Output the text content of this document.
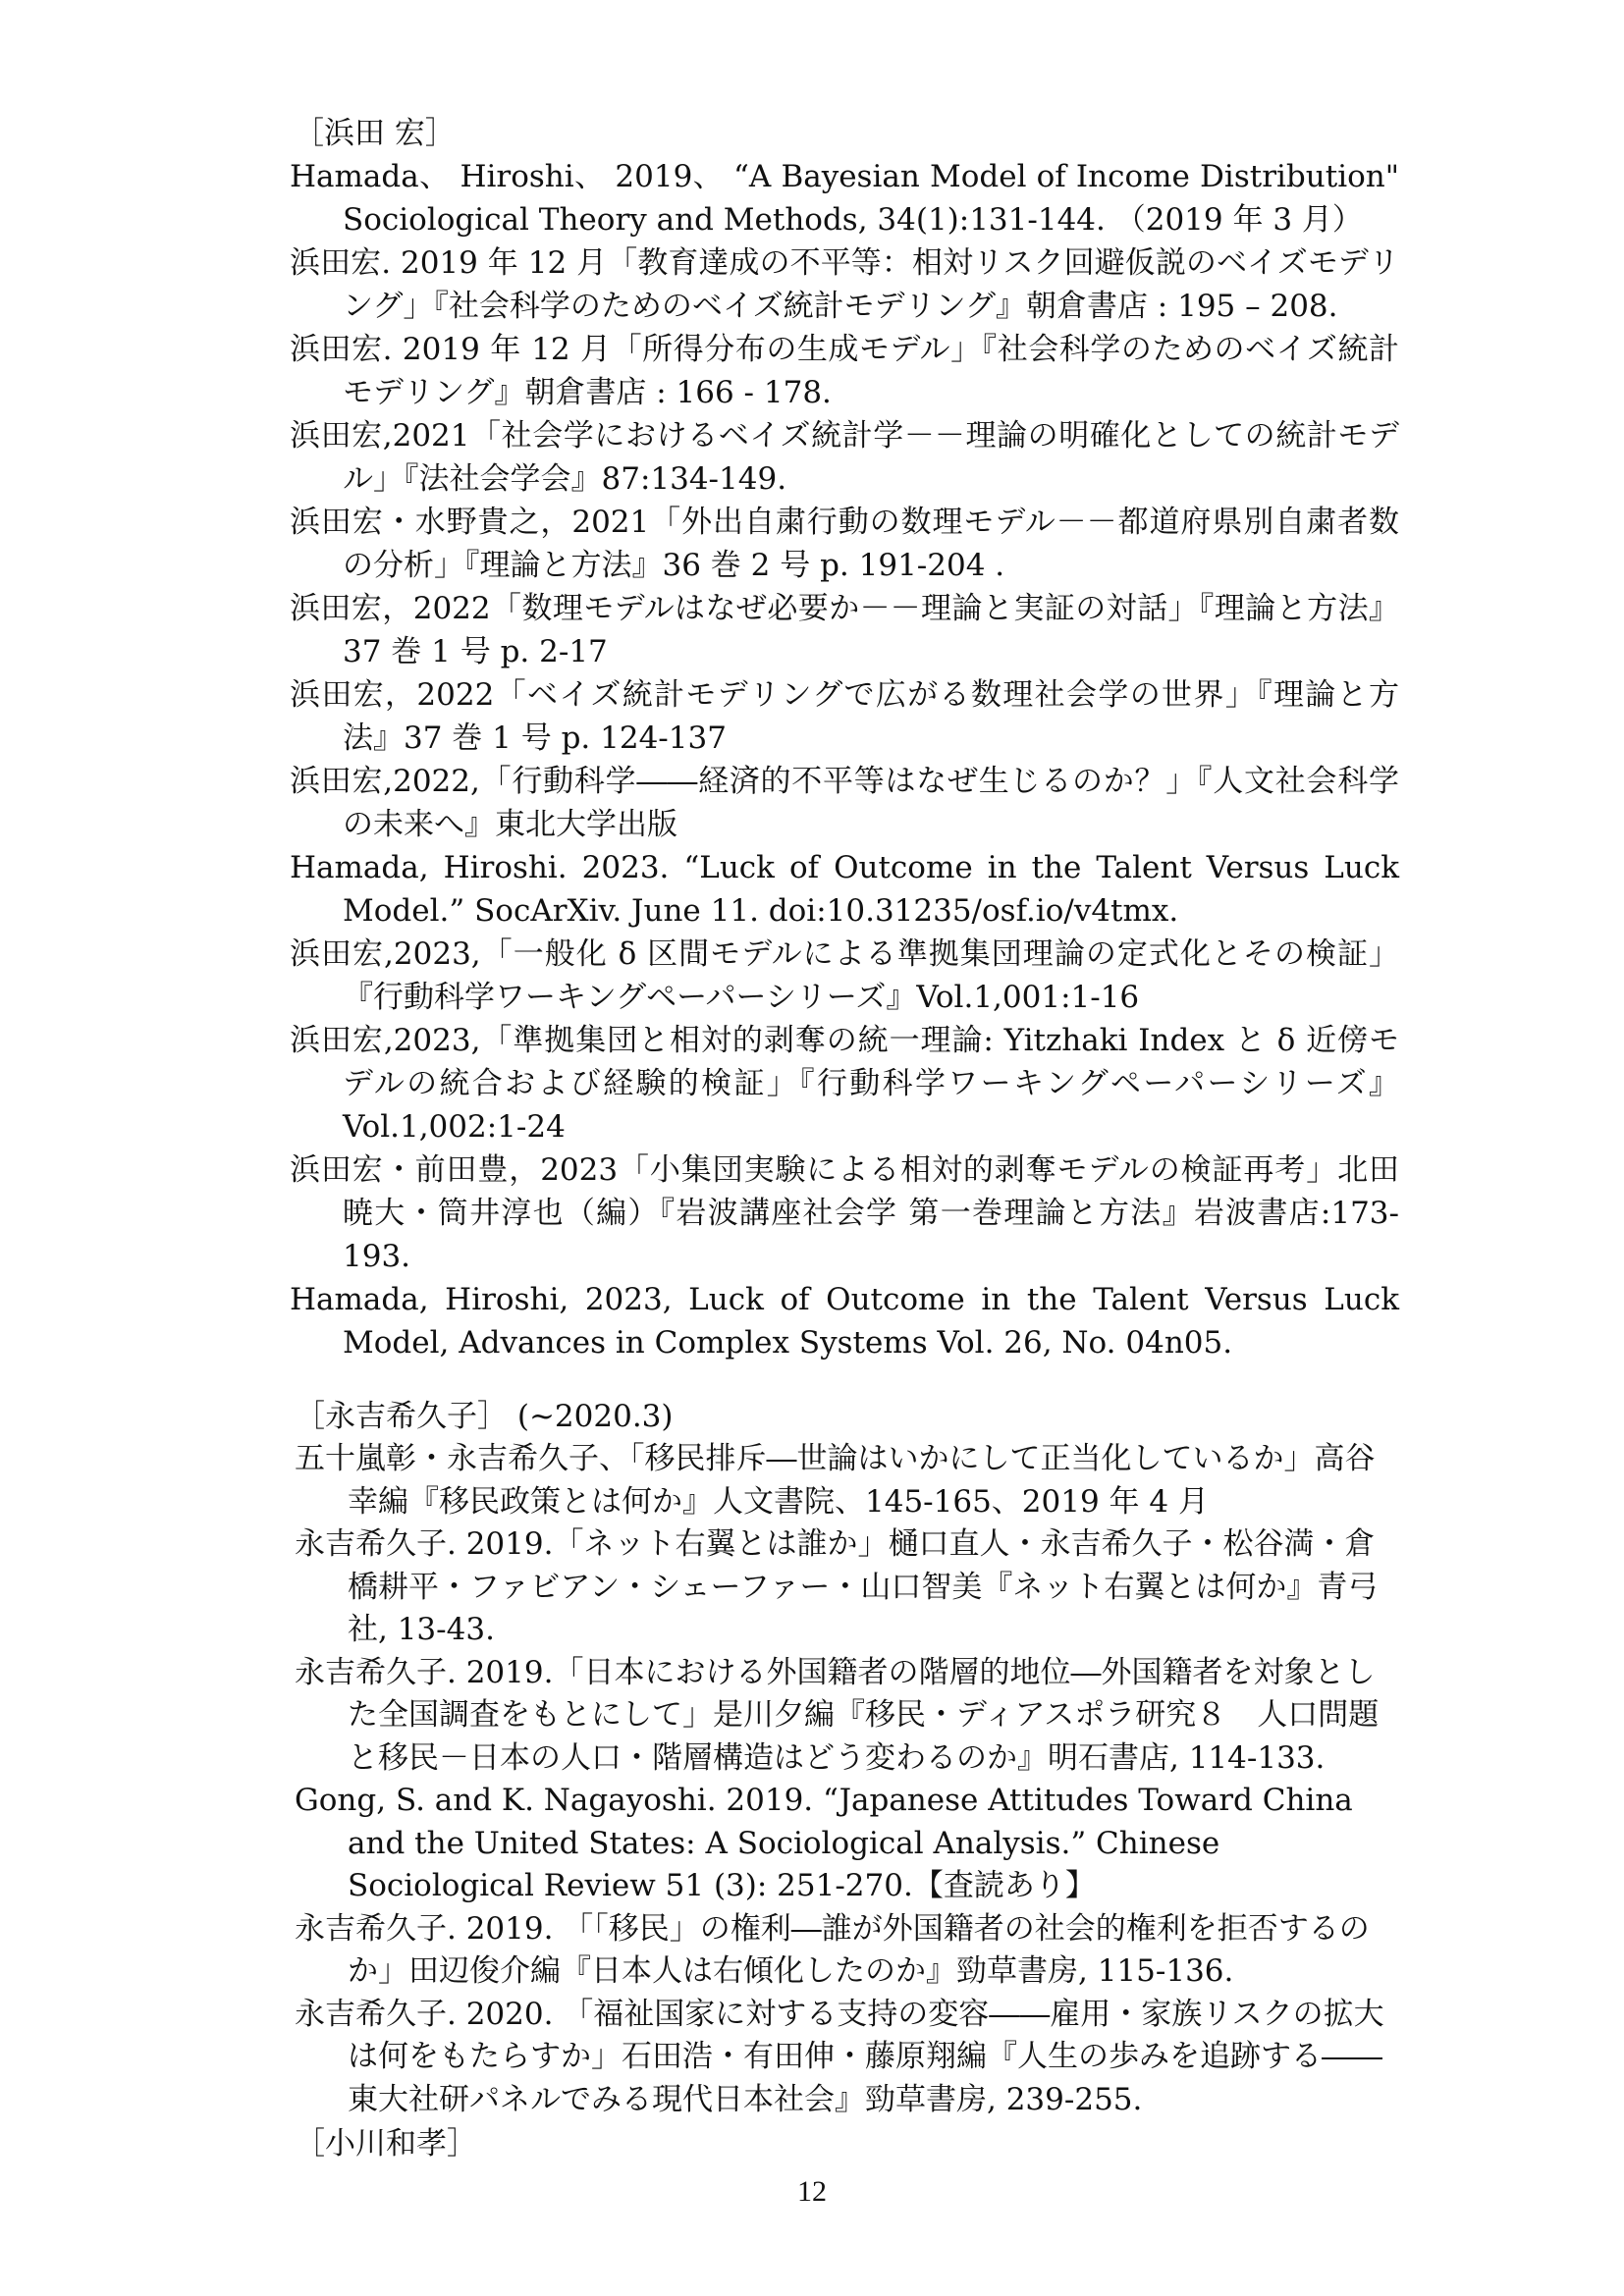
［浜田 宏］
Hamada、 Hiroshi、 2019、 “A Bayesian Model of Income Distribution" Sociological Theory and Methods, 34(1):131-144. （2019 年 3 月）
浜田宏. 2019 年 12 月「教育達成の不平等：相対リスク回避仮説のベイズモデリング」『社会科学のためのベイズ統計モデリング』朝倉書店 : 195 – 208.
浜田宏. 2019 年 12 月「所得分布の生成モデル」『社会科学のためのベイズ統計モデリング』朝倉書店 : 166 - 178.
浜田宏,2021「社会学におけるベイズ統計学－－理論の明確化としての統計モデル」『法社会学会』87:134-149.
浜田宏・水野貴之，2021「外出自粛行動の数理モデル－－都道府県別自粛者数の分析」『理論と方法』36 巻 2 号 p. 191-204 .
浜田宏，2022「数理モデルはなぜ必要か－－理論と実証の対話」『理論と方法』37 巻 1 号 p. 2-17
浜田宏，2022「ベイズ統計モデリングで広がる数理社会学の世界」『理論と方法』37 巻 1 号 p. 124-137
浜田宏,2022,「行動科学――経済的不平等はなぜ生じるのか？」『人文社会科学の未来へ』東北大学出版
Hamada, Hiroshi. 2023. “Luck of Outcome in the Talent Versus Luck Model.” SocArXiv. June 11. doi:10.31235/osf.io/v4tmx.
浜田宏,2023,「一般化 δ 区間モデルによる準拠集団理論の定式化とその検証」『行動科学ワーキングペーパーシリーズ』Vol.1,001:1-16
浜田宏,2023,「準拠集団と相対的剥奪の統一理論: Yitzhaki Index と δ 近傍モデルの統合および経験的検証」『行動科学ワーキングペーパーシリーズ』Vol.1,002:1-24
浜田宏・前田豊，2023「小集団実験による相対的剥奪モデルの検証再考」北田暁大・筒井淳也（編）『岩波講座社会学 第一巻理論と方法』岩波書店:173-193.
Hamada, Hiroshi, 2023, Luck of Outcome in the Talent Versus Luck Model, Advances in Complex Systems Vol. 26, No. 04n05.
［永吉希久子］ (~2020.3)
五十嵐彰・永吉希久子、「移民排斥―世論はいかにして正当化しているか」高谷幸編『移民政策とは何か』人文書院、145-165、2019 年 4 月
永吉希久子. 2019.「ネット右翼とは誰か」樋口直人・永吉希久子・松谷満・倉橋耕平・ファビアン・シェーファー・山口智美『ネット右翼とは何か』青弓社, 13-43.
永吉希久子. 2019.「日本における外国籍者の階層的地位―外国籍者を対象とした全国調査をもとにして」是川夕編『移民・ディアスポラ研究８　人口問題と移民－日本の人口・階層構造はどう変わるのか』明石書店, 114-133.
Gong, S. and K. Nagayoshi. 2019. “Japanese Attitudes Toward China and the United States: A Sociological Analysis.” Chinese Sociological Review 51 (3): 251-270.【査読あり】
永吉希久子. 2019. 「「移民」の権利―誰が外国籍者の社会的権利を拒否するのか」田辺俊介編『日本人は右傾化したのか』勁草書房, 115-136.
永吉希久子. 2020. 「福祉国家に対する支持の変容――雇用・家族リスクの拡大は何をもたらすか」石田浩・有田伸・藤原翔編『人生の歩みを追跡する――東大社研パネルでみる現代日本社会』勁草書房, 239-255.
［小川和孝］
12
